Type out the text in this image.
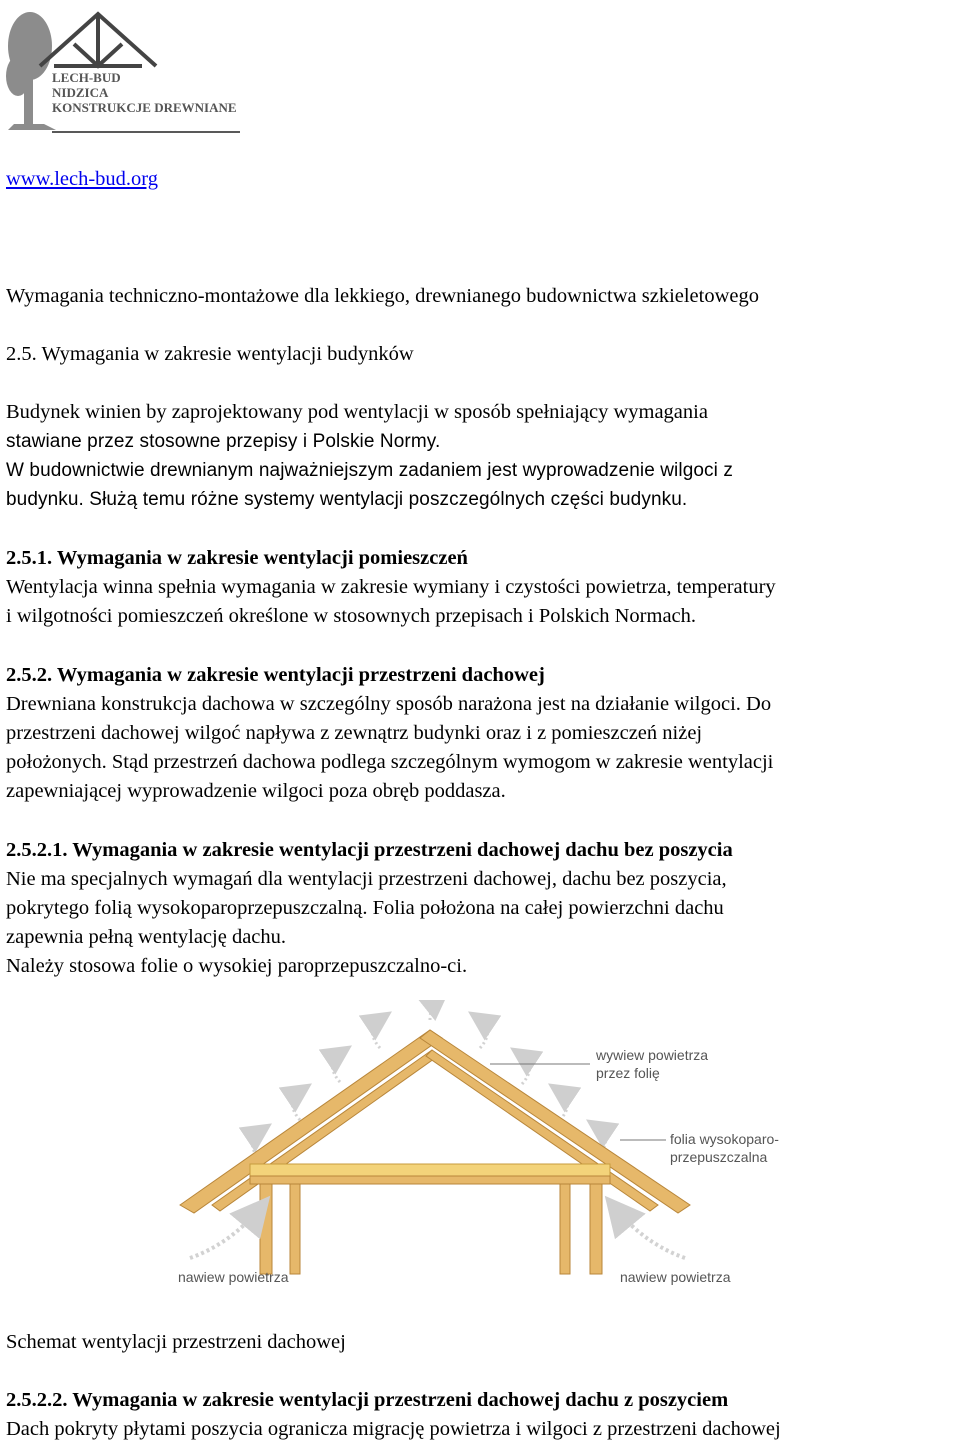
LECH-BUD
NIDZICA
KONSTRUKCJE DREWNIANE
www.lech-bud.org
Wymagania techniczno-montażowe dla lekkiego, drewnianego budownictwa szkieletowego
2.5. Wymagania w zakresie wentylacji budynków
Budynek winien by zaprojektowany pod wentylacji w sposób spełniający wymagania
stawiane przez stosowne przepisy i Polskie Normy.
W budownictwie drewnianym najważniejszym zadaniem jest wyprowadzenie wilgoci z
budynku. Służą temu różne systemy wentylacji poszczególnych części budynku.
2.5.1. Wymagania w zakresie wentylacji pomieszczeń
Wentylacja winna spełnia wymagania w zakresie wymiany i czystości powietrza, temperatury
i wilgotności pomieszczeń określone w stosownych przepisach i Polskich Normach.
2.5.2. Wymagania w zakresie wentylacji przestrzeni dachowej
Drewniana konstrukcja dachowa w szczególny sposób narażona jest na działanie wilgoci. Do
przestrzeni dachowej wilgoć napływa z zewnątrz budynki oraz i z pomieszczeń niżej
położonych. Stąd przestrzeń dachowa podlega szczególnym wymogom w zakresie wentylacji
zapewniającej wyprowadzenie wilgoci poza obręb poddasza.
2.5.2.1. Wymagania w zakresie wentylacji przestrzeni dachowej dachu bez poszycia
Nie ma specjalnych wymagań dla wentylacji przestrzeni dachowej, dachu bez poszycia,
pokrytego folią wysokoparoprzepuszczalną. Folia położona na całej powierzchni dachu
zapewnia pełną wentylację dachu.
Należy stosowa folie o wysokiej paroprzepuszczalno-ci.
wywiew powietrza
przez folię
folia wysokoparo-
przepuszczalna
nawiew powietrza	nawiew powietrza
Schemat wentylacji przestrzeni dachowej
2.5.2.2. Wymagania w zakresie wentylacji przestrzeni dachowej dachu z poszyciem
Dach pokryty płytami poszycia ogranicza migrację powietrza i wilgoci z przestrzeni dachowej
